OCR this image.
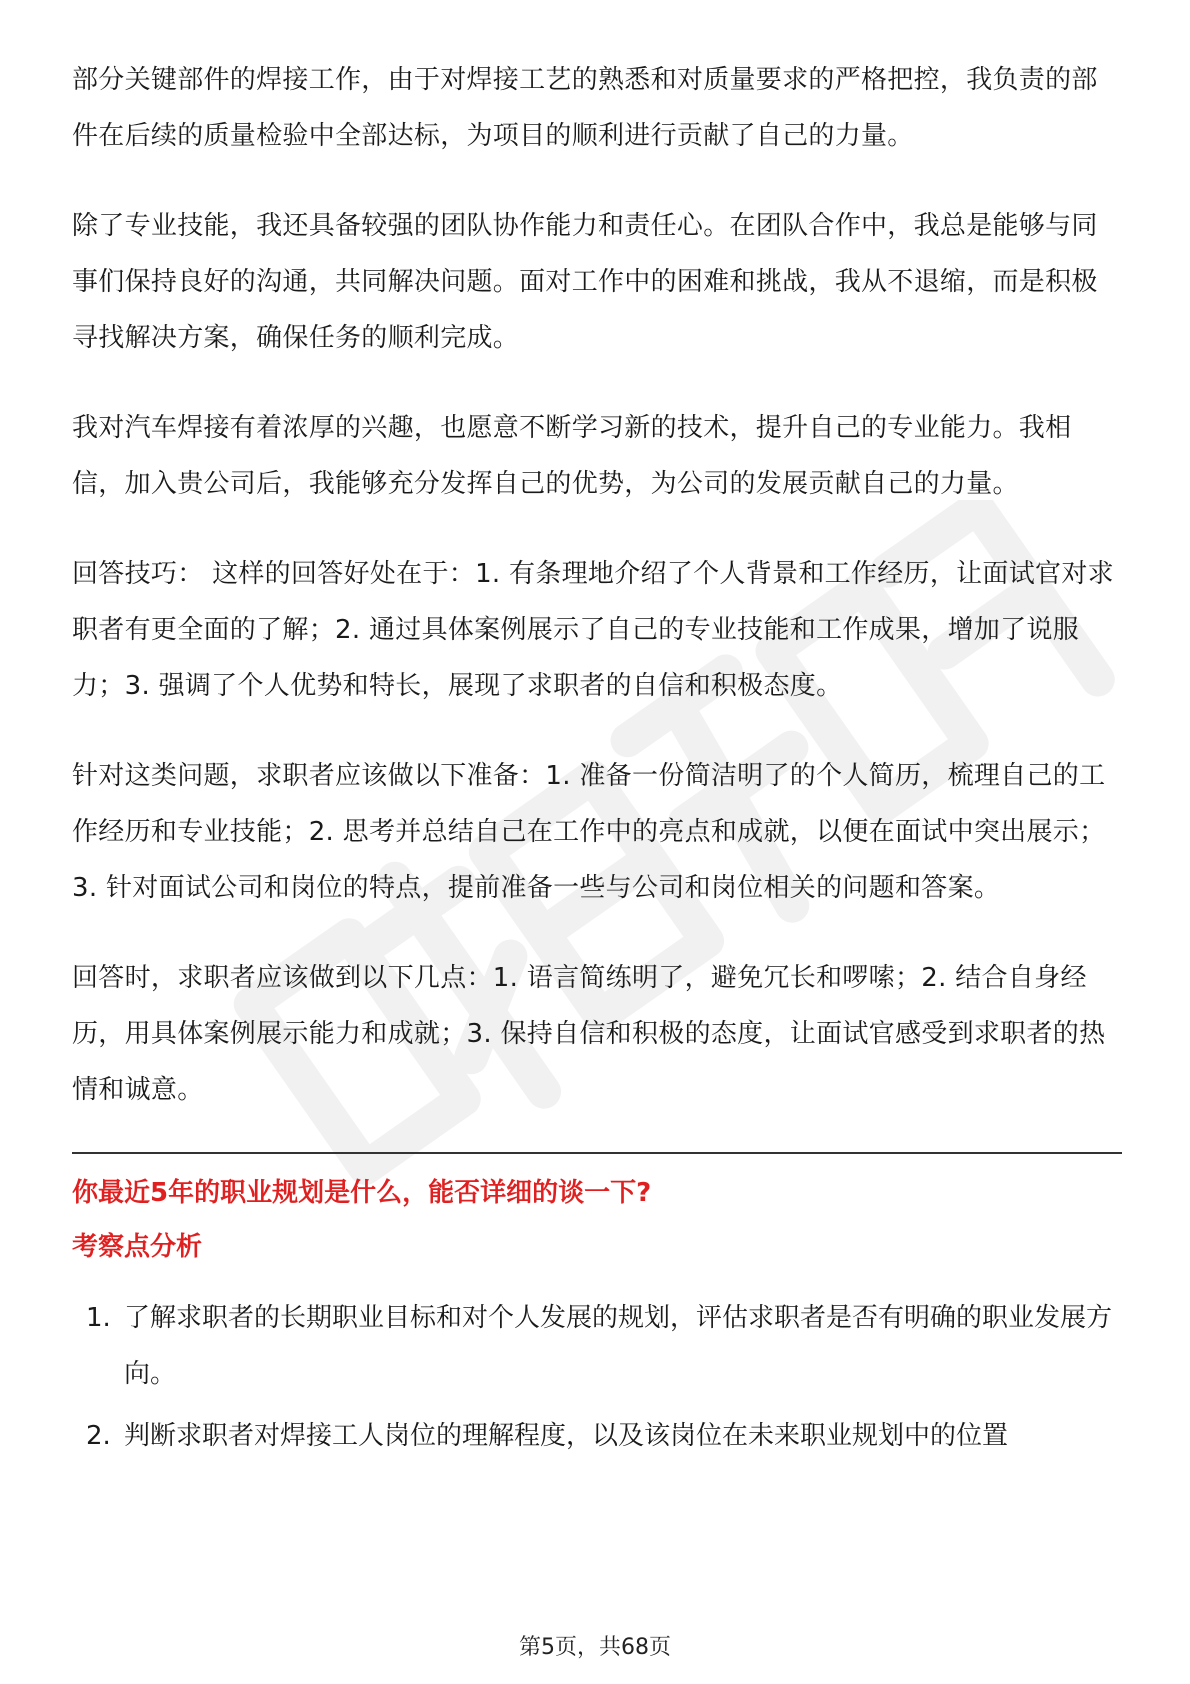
部分关键部件的焊接工作，由于对焊接工艺的熟悉和对质量要求的严格把控，我负责的部件在后续的质量检验中全部达标，为项目的顺利进行贡献了自己的力量。

除了专业技能，我还具备较强的团队协作能力和责任心。在团队合作中，我总是能够与同事们保持良好的沟通，共同解决问题。面对工作中的困难和挑战，我从不退缩，而是积极寻找解决方案，确保任务的顺利完成。

我对汽车焊接有着浓厚的兴趣，也愿意不断学习新的技术，提升自己的专业能力。我相信，加入贵公司后，我能够充分发挥自己的优势，为公司的发展贡献自己的力量。

回答技巧： 这样的回答好处在于：1. 有条理地介绍了个人背景和工作经历，让面试官对求职者有更全面的了解；2. 通过具体案例展示了自己的专业技能和工作成果，增加了说服力；3. 强调了个人优势和特长，展现了求职者的自信和积极态度。

针对这类问题，求职者应该做以下准备：1. 准备一份简洁明了的个人简历，梳理自己的工作经历和专业技能；2. 思考并总结自己在工作中的亮点和成就，以便在面试中突出展示；3. 针对面试公司和岗位的特点，提前准备一些与公司和岗位相关的问题和答案。

回答时，求职者应该做到以下几点：1. 语言简练明了，避免冗长和啰嗦；2. 结合自身经历，用具体案例展示能力和成就；3. 保持自信和积极的态度，让面试官感受到求职者的热情和诚意。

你最近5年的职业规划是什么，能否详细的谈一下?
考察点分析
1. 了解求职者的长期职业目标和对个人发展的规划，评估求职者是否有明确的职业发展方向。
2. 判断求职者对焊接工人岗位的理解程度，以及该岗位在未来职业规划中的位置
第5页，共68页
